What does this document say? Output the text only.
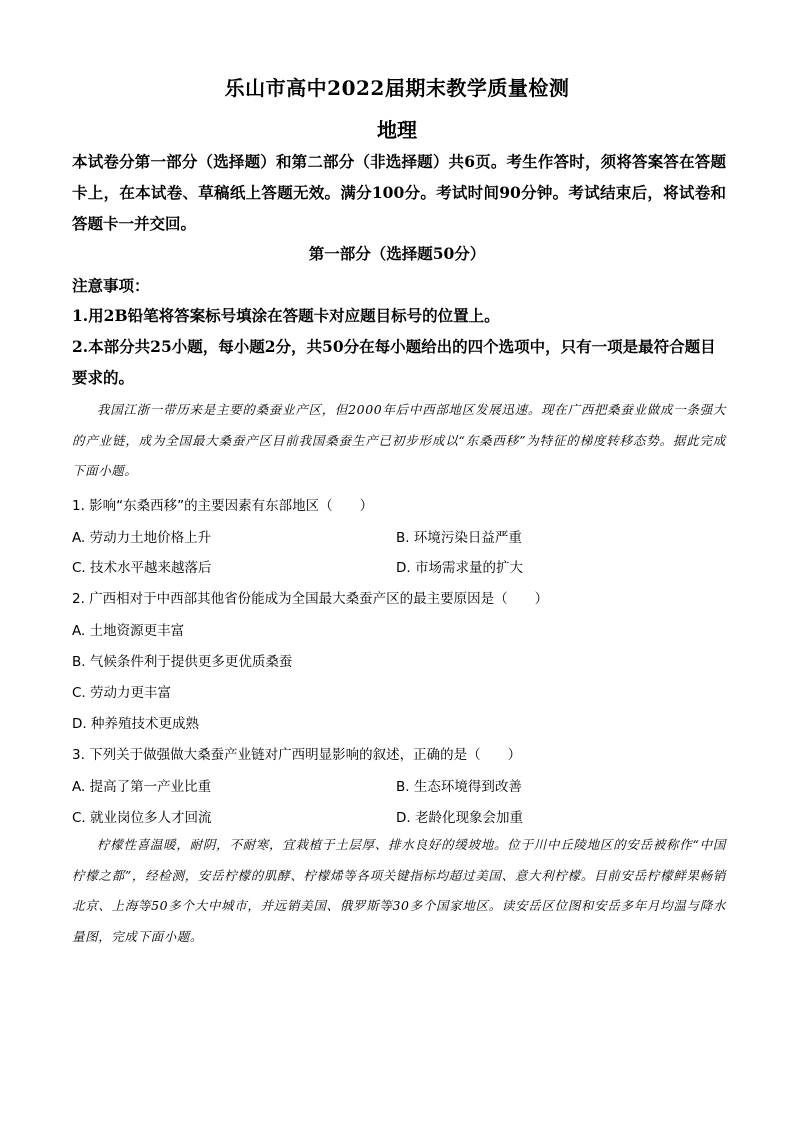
乐山市高中2022届期末教学质量检测
地理
本试卷分第一部分（选择题）和第二部分（非选择题）共6页。考生作答时，须将答案答在答题卡上，在本试卷、草稿纸上答题无效。满分100分。考试时间90分钟。考试结束后，将试卷和答题卡一并交回。
第一部分（选择题50分）
注意事项：
1.用2B铅笔将答案标号填涂在答题卡对应题目标号的位置上。
2.本部分共25小题，每小题2分，共50分在每小题给出的四个选项中，只有一项是最符合题目要求的。
我国江浙一带历来是主要的桑蚕业产区，但2000年后中西部地区发展迅速。现在广西把桑蚕业做成一条强大的产业链，成为全国最大桑蚕产区目前我国桑蚕生产已初步形成以“东桑西移”为特征的梯度转移态势。据此完成下面小题。
1. 影响“东桑西移”的主要因素有东部地区（　　）
A. 劳动力土地价格上升	B. 环境污染日益严重
C. 技术水平越来越落后	D. 市场需求量的扩大
2. 广西相对于中西部其他省份能成为全国最大桑蚕产区的最主要原因是（　　）
A. 土地资源更丰富
B. 气候条件利于提供更多更优质桑蚕
C. 劳动力更丰富
D. 种养殖技术更成熟
3. 下列关于做强做大桑蚕产业链对广西明显影响的叙述，正确的是（　　）
A. 提高了第一产业比重	B. 生态环境得到改善
C. 就业岗位多人才回流	D. 老龄化现象会加重
柠檬性喜温暖，耐阴，不耐寒，宜栽植于土层厚、排水良好的缓坡地。位于川中丘陵地区的安岳被称作“中国柠檬之都”，经检测，安岳柠檬的肌酵、柠檬烯等各项关键指标均超过美国、意大利柠檬。目前安岳柠檬鲜果畅销北京、上海等50多个大中城市，并远销美国、俄罗斯等30多个国家地区。读安岳区位图和安岳多年月均温与降水量图，完成下面小题。
